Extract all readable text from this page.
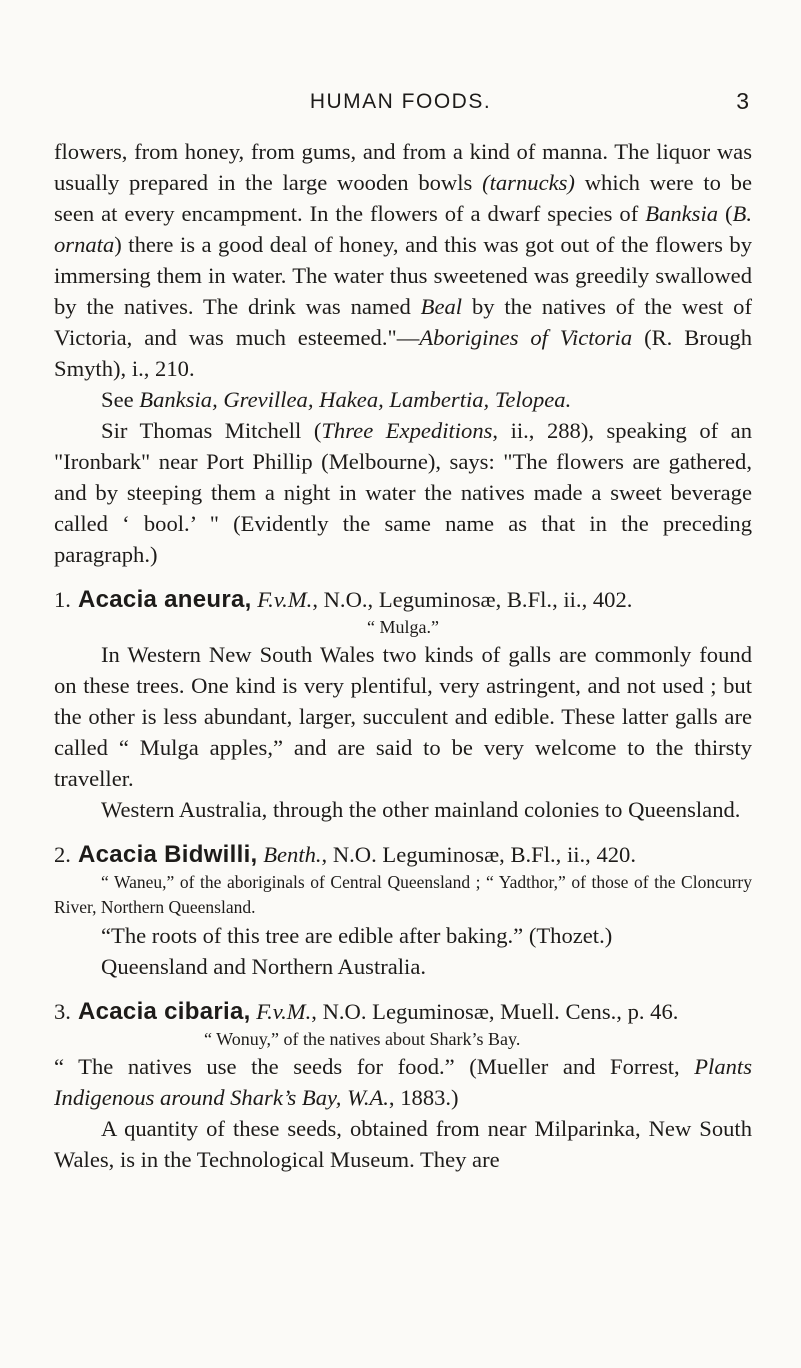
HUMAN FOODS.	3

flowers, from honey, from gums, and from a kind of manna. The liquor was usually prepared in the large wooden bowls (tarnucks) which were to be seen at every encampment. In the flowers of a dwarf species of Banksia (B. ornata) there is a good deal of honey, and this was got out of the flowers by immersing them in water. The water thus sweetened was greedily swallowed by the natives. The drink was named Beal by the natives of the west of Victoria, and was much esteemed."—Aborigines of Victoria (R. Brough Smyth), i., 210.

See Banksia, Grevillea, Hakea, Lambertia, Telopea.

Sir Thomas Mitchell (Three Expeditions, ii., 288), speaking of an "Ironbark" near Port Phillip (Melbourne), says: "The flowers are gathered, and by steeping them a night in water the natives made a sweet beverage called ‘ bool.’ " (Evidently the same name as that in the preceding paragraph.)

1. Acacia aneura, F.v.M., N.O., Leguminosæ, B.Fl., ii., 402.

“ Mulga.”

In Western New South Wales two kinds of galls are commonly found on these trees. One kind is very plentiful, very astringent, and not used ; but the other is less abundant, larger, succulent and edible. These latter galls are called “ Mulga apples,” and are said to be very welcome to the thirsty traveller.

Western Australia, through the other mainland colonies to Queensland.

2. Acacia Bidwilli, Benth., N.O. Leguminosæ, B.Fl., ii., 420.

“ Waneu,” of the aboriginals of Central Queensland ; “ Yadthor,” of those of the Cloncurry River, Northern Queensland.

“The roots of this tree are edible after baking.” (Thozet.)

Queensland and Northern Australia.

3. Acacia cibaria, F.v.M., N.O. Leguminosæ, Muell. Cens., p. 46.

“ Wonuy,” of the natives about Shark’s Bay.

“ The natives use the seeds for food.” (Mueller and Forrest, Plants Indigenous around Shark’s Bay, W.A., 1883.)

A quantity of these seeds, obtained from near Milparinka, New South Wales, is in the Technological Museum. They are
